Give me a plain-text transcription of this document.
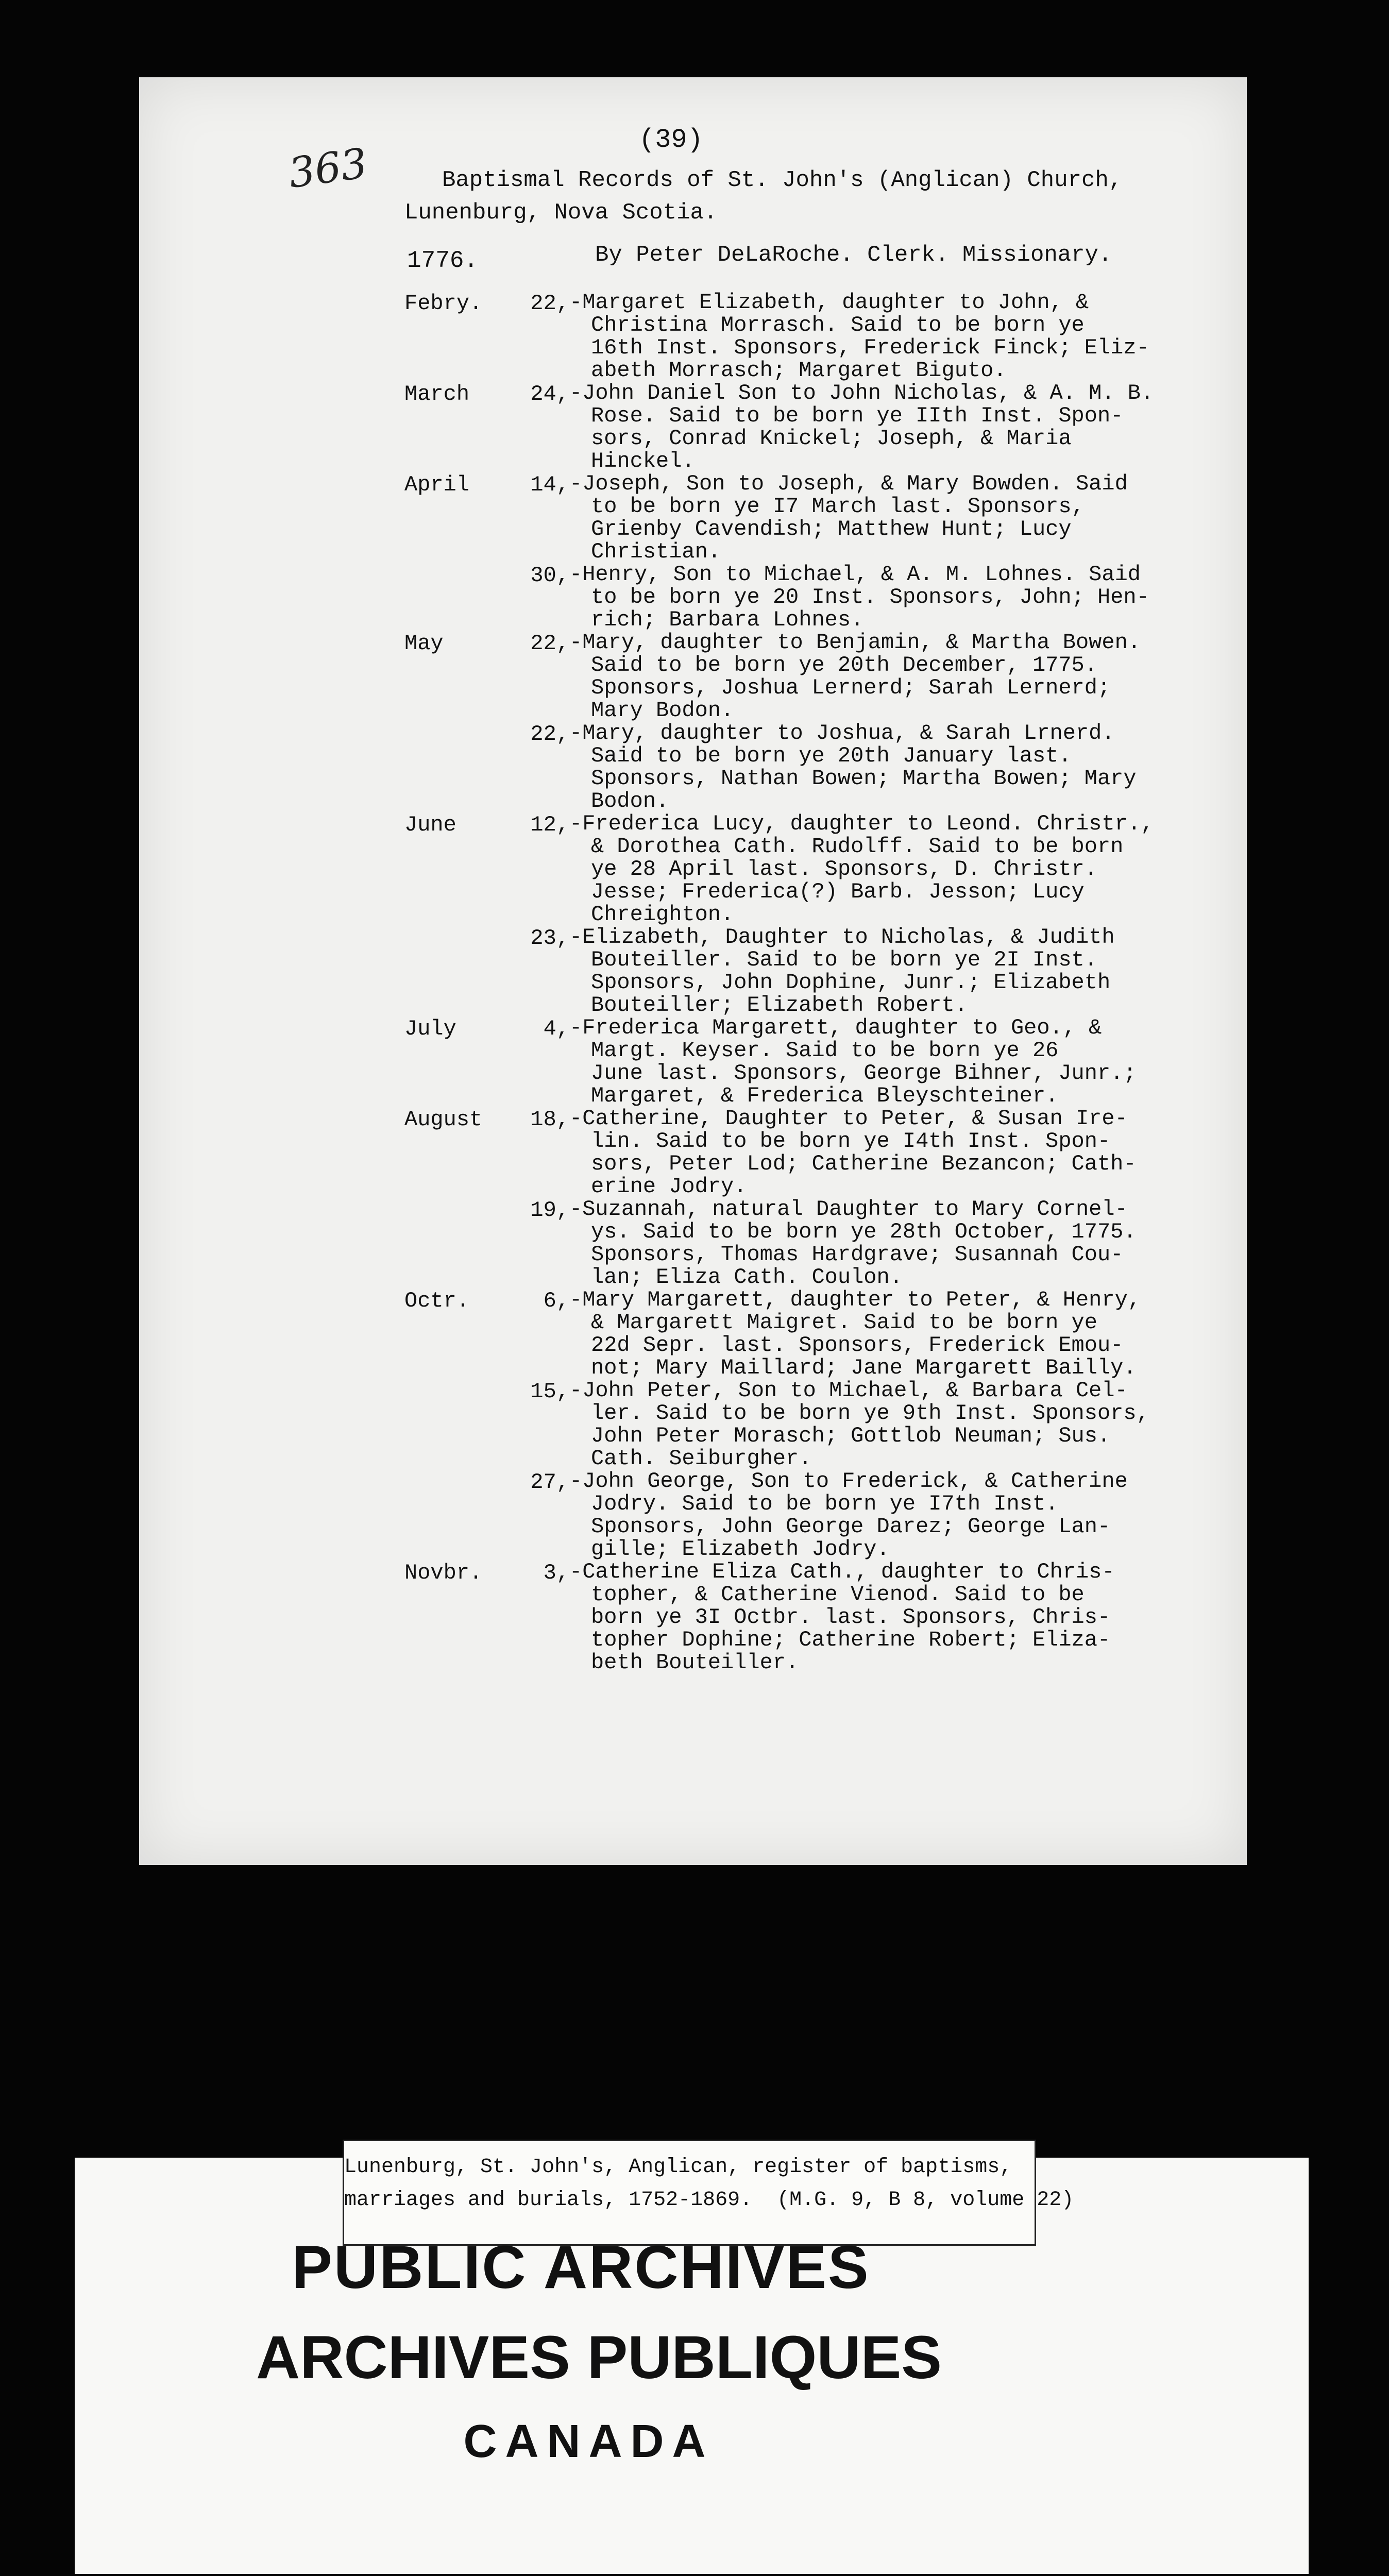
(39)
363	Baptismal Records of St. John's (Anglican) Church,
Lunenburg, Nova Scotia.
1776.	By Peter DeLaRoche. Clerk. Missionary.
Febry.	22, -Margaret Elizabeth, daughter to John, &
Christina Morrasch. Said to be born ye
16th Inst. Sponsors, Frederick Finck; Eliz-
abeth Morrasch; Margaret Biguto.
March	24, -John Daniel Son to John Nicholas, & A. M. B.
Rose. Said to be born ye IIth Inst. Spon-
sors, Conrad Knickel; Joseph, & Maria
Hinckel.
April	14, -Joseph, Son to Joseph, & Mary Bowden. Said
to be born ye I7 March last. Sponsors,
Grienby Cavendish; Matthew Hunt; Lucy
Christian.
30, -Henry, Son to Michael, & A. M. Lohnes. Said
to be born ye 20 Inst. Sponsors, John; Hen-
rich; Barbara Lohnes.
May	22, -Mary, daughter to Benjamin, & Martha Bowen.
Said to be born ye 20th December, 1775.
Sponsors, Joshua Lernerd; Sarah Lernerd;
Mary Bodon.
22, -Mary, daughter to Joshua, & Sarah Lrnerd.
Said to be born ye 20th January last.
Sponsors, Nathan Bowen; Martha Bowen; Mary
Bodon.
June	12, -Frederica Lucy, daughter to Leond. Christr.,
& Dorothea Cath. Rudolff. Said to be born
ye 28 April last. Sponsors, D. Christr.
Jesse; Frederica(?) Barb. Jesson; Lucy
Chreighton.
23, -Elizabeth, Daughter to Nicholas, & Judith
Bouteiller. Said to be born ye 2I Inst.
Sponsors, John Dophine, Junr.; Elizabeth
Bouteiller; Elizabeth Robert.
July	4, -Frederica Margarett, daughter to Geo., &
Margt. Keyser. Said to be born ye 26
June last. Sponsors, George Bihner, Junr.;
Margaret, & Frederica Bleyschteiner.
August	18, -Catherine, Daughter to Peter, & Susan Ire-
lin. Said to be born ye I4th Inst. Spon-
sors, Peter Lod; Catherine Bezancon; Cath-
erine Jodry.
19, -Suzannah, natural Daughter to Mary Cornel-
ys. Said to be born ye 28th October, 1775.
Sponsors, Thomas Hardgrave; Susannah Cou-
lan; Eliza Cath. Coulon.
Octr.	6, -Mary Margarett, daughter to Peter, & Henry,
& Margarett Maigret. Said to be born ye
22d Sepr. last. Sponsors, Frederick Emou-
not; Mary Maillard; Jane Margarett Bailly.
15, -John Peter, Son to Michael, & Barbara Cel-
ler. Said to be born ye 9th Inst. Sponsors,
John Peter Morasch; Gottlob Neuman; Sus.
Cath. Seiburgher.
27, -John George, Son to Frederick, & Catherine
Jodry. Said to be born ye I7th Inst.
Sponsors, John George Darez; George Lan-
gille; Elizabeth Jodry.
Novbr.	3, -Catherine Eliza Cath., daughter to Chris-
topher, & Catherine Vienod. Said to be
born ye 3I Octbr. last. Sponsors, Chris-
topher Dophine; Catherine Robert; Eliza-
beth Bouteiller.
Lunenburg, St. John's, Anglican, register of baptisms,
marriages and burials, 1752-1869.  (M.G. 9, B 8, volume 22)
PUBLIC ARCHIVES
ARCHIVES PUBLIQUES
CANADA
